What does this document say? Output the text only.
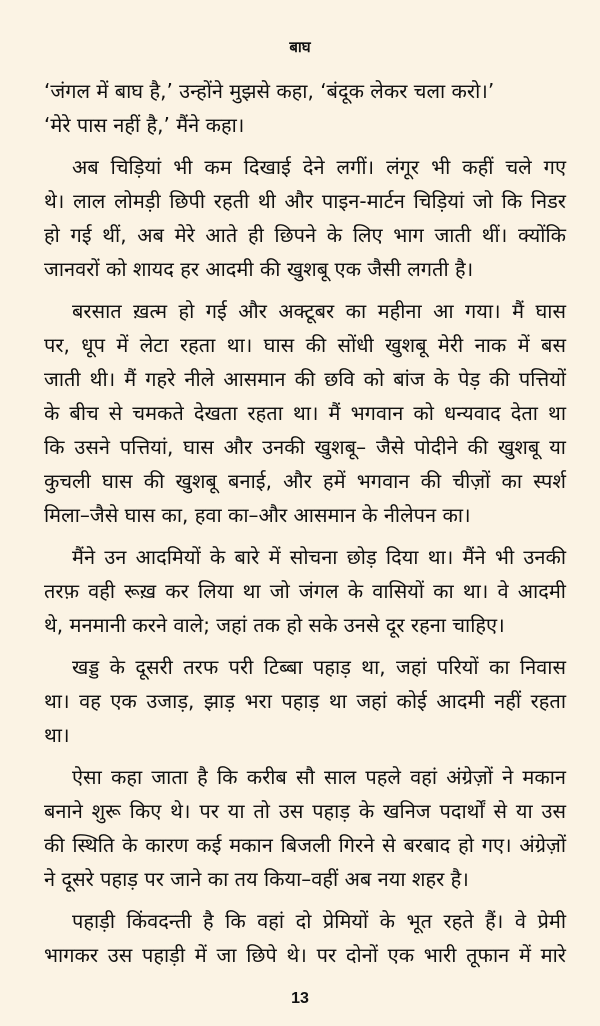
बाघ
‘जंगल में बाघ है,’ उन्होंने मुझसे कहा, ‘बंदूक लेकर चला करो।’
‘मेरे पास नहीं है,’ मैंने कहा।
अब चिड़ियां भी कम दिखाई देने लगीं। लंगूर भी कहीं चले गए
थे। लाल लोमड़ी छिपी रहती थी और पाइन-मार्टन चिड़ियां जो कि निडर
हो गई थीं, अब मेरे आते ही छिपने के लिए भाग जाती थीं। क्योंकि
जानवरों को शायद हर आदमी की खुशबू एक जैसी लगती है।
बरसात ख़त्म हो गई और अक्टूबर का महीना आ गया। मैं घास
पर, धूप में लेटा रहता था। घास की सोंधी खुशबू मेरी नाक में बस
जाती थी। मैं गहरे नीले आसमान की छवि को बांज के पेड़ की पत्तियों
के बीच से चमकते देखता रहता था। मैं भगवान को धन्यवाद देता था
कि उसने पत्तियां, घास और उनकी खुशबू– जैसे पोदीने की खुशबू या
कुचली घास की खुशबू बनाई, और हमें भगवान की चीज़ों का स्पर्श
मिला–जैसे घास का, हवा का–और आसमान के नीलेपन का।
मैंने उन आदमियों के बारे में सोचना छोड़ दिया था। मैंने भी उनकी
तरफ़ वही रूख़ कर लिया था जो जंगल के वासियों का था। वे आदमी
थे, मनमानी करने वाले; जहां तक हो सके उनसे दूर रहना चाहिए।
खड्ड के दूसरी तरफ परी टिब्बा पहाड़ था, जहां परियों का निवास
था। वह एक उजाड़, झाड़ भरा पहाड़ था जहां कोई आदमी नहीं रहता
था।
ऐसा कहा जाता है कि करीब सौ साल पहले वहां अंग्रेज़ों ने मकान
बनाने शुरू किए थे। पर या तो उस पहाड़ के खनिज पदार्थों से या उस
की स्थिति के कारण कई मकान बिजली गिरने से बरबाद हो गए। अंग्रेज़ों
ने दूसरे पहाड़ पर जाने का तय किया–वहीं अब नया शहर है।
पहाड़ी किंवदन्ती है कि वहां दो प्रेमियों के भूत रहते हैं। वे प्रेमी
भागकर उस पहाड़ी में जा छिपे थे। पर दोनों एक भारी तूफान में मारे
13
